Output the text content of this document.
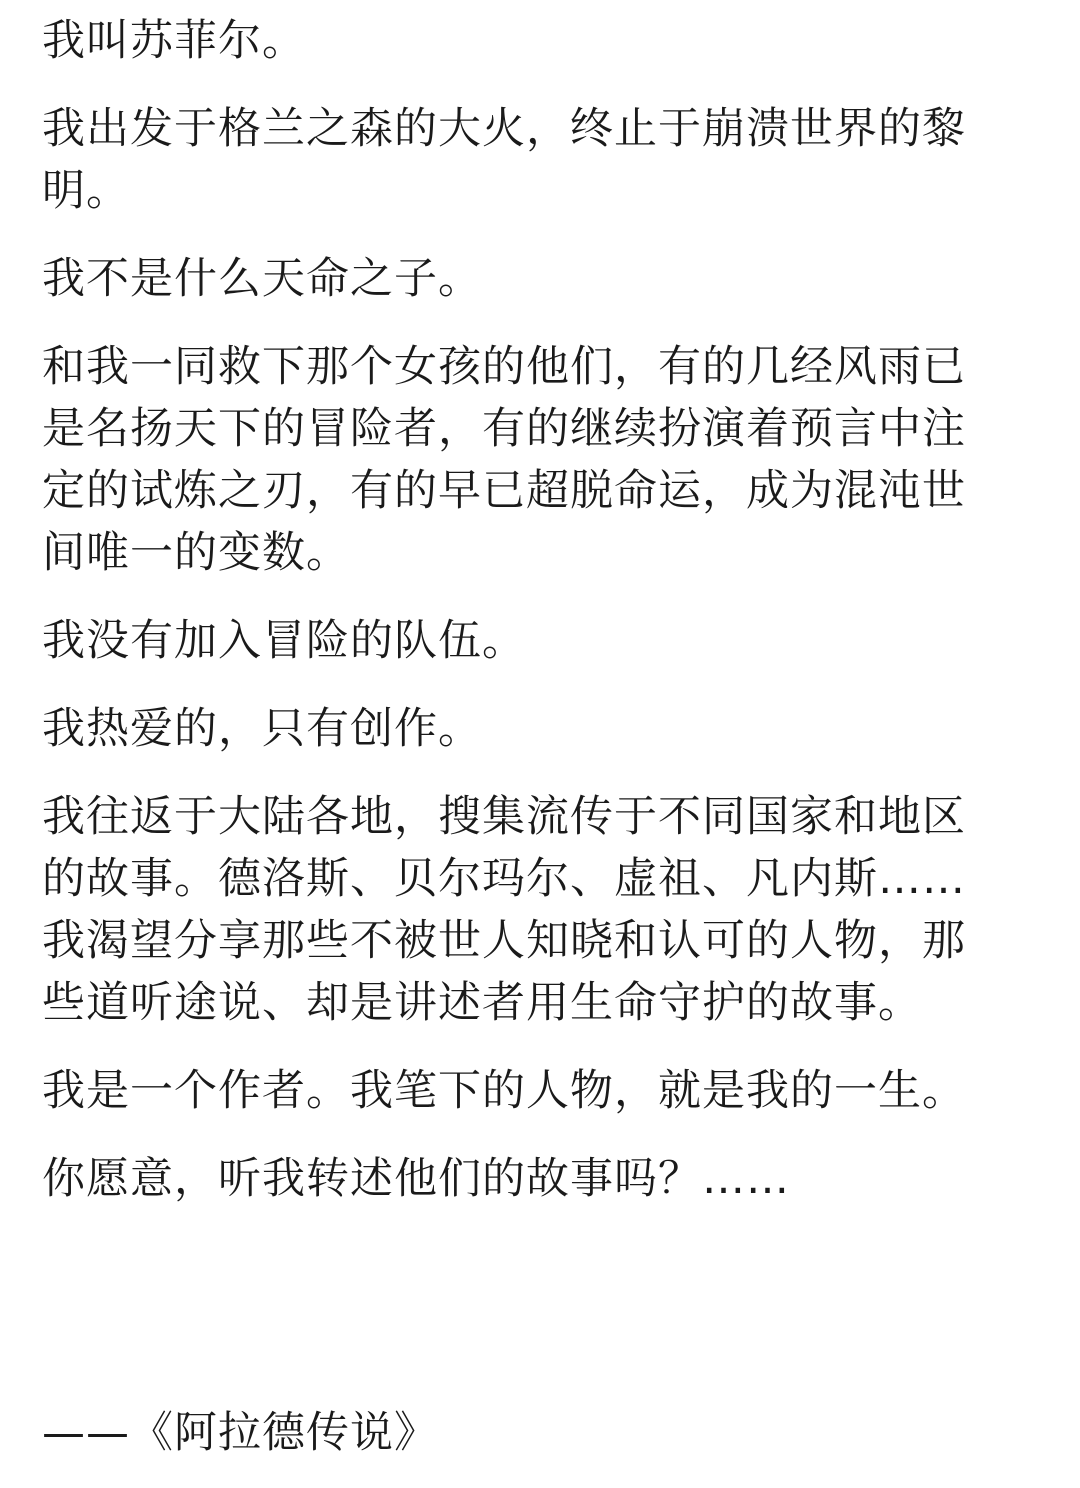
我叫苏菲尔。

我出发于格兰之森的大火，终止于崩溃世界的黎
明。

我不是什么天命之子。

和我一同救下那个女孩的他们，有的几经风雨已
是名扬天下的冒险者，有的继续扮演着预言中注
定的试炼之刃，有的早已超脱命运，成为混沌世
间唯一的变数。

我没有加入冒险的队伍。

我热爱的，只有创作。

我往返于大陆各地，搜集流传于不同国家和地区
的故事。德洛斯、贝尔玛尔、虚祖、凡内斯……
我渴望分享那些不被世人知晓和认可的人物，那
些道听途说、却是讲述者用生命守护的故事。

我是一个作者。我笔下的人物，就是我的一生。

你愿意，听我转述他们的故事吗？……

——《阿拉德传说》
